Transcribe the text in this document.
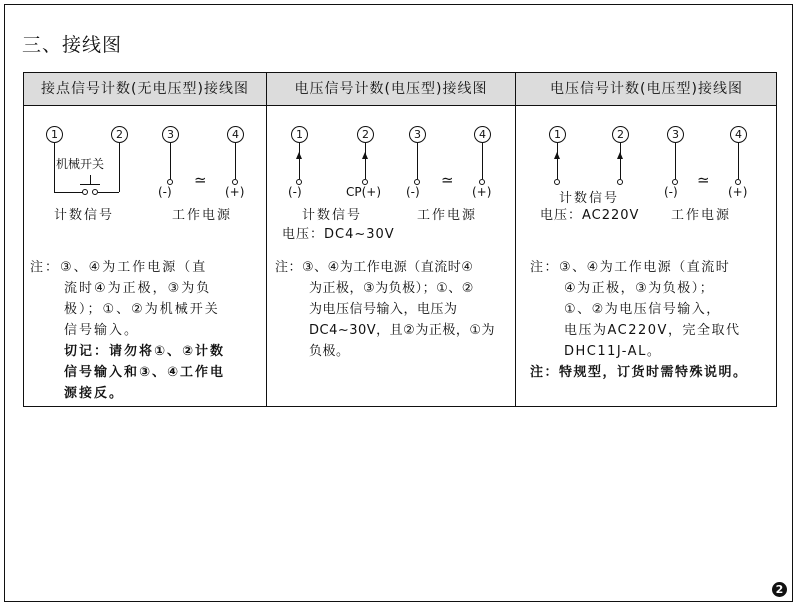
三、接线图
接点信号计数(无电压型)接线图	电压信号计数(电压型)接线图	电压信号计数(电压型)接线图
1	2	3	4
机械开关
(-)	(+)
≃
计数信号	工作电源
1	2	3	4
(-)	CP(+) (-)	(+)
≃
计数信号	工作电源
电压：DC4~30V
1	2	3	4
(-)	(+)
≃
计数信号
工作电源
电压：AC220V
注：③、④为工作电源（直
流时④为正极，③为负
极）；①、②为机械开关
信号输入。
切记：请勿将①、②计数
信号输入和③、④工作电
源接反。
注：③、④为工作电源（直流时④
为正极，③为负极）；①、②
为电压信号输入，电压为
DC4~30V，且②为正极，①为
负极。
注：③、④为工作电源（直流时
④为正极，③为负极）；
①、②为电压信号输入，
电压为AC220V，完全取代
DHC11J-AL。
注：特规型，订货时需特殊说明。
2
